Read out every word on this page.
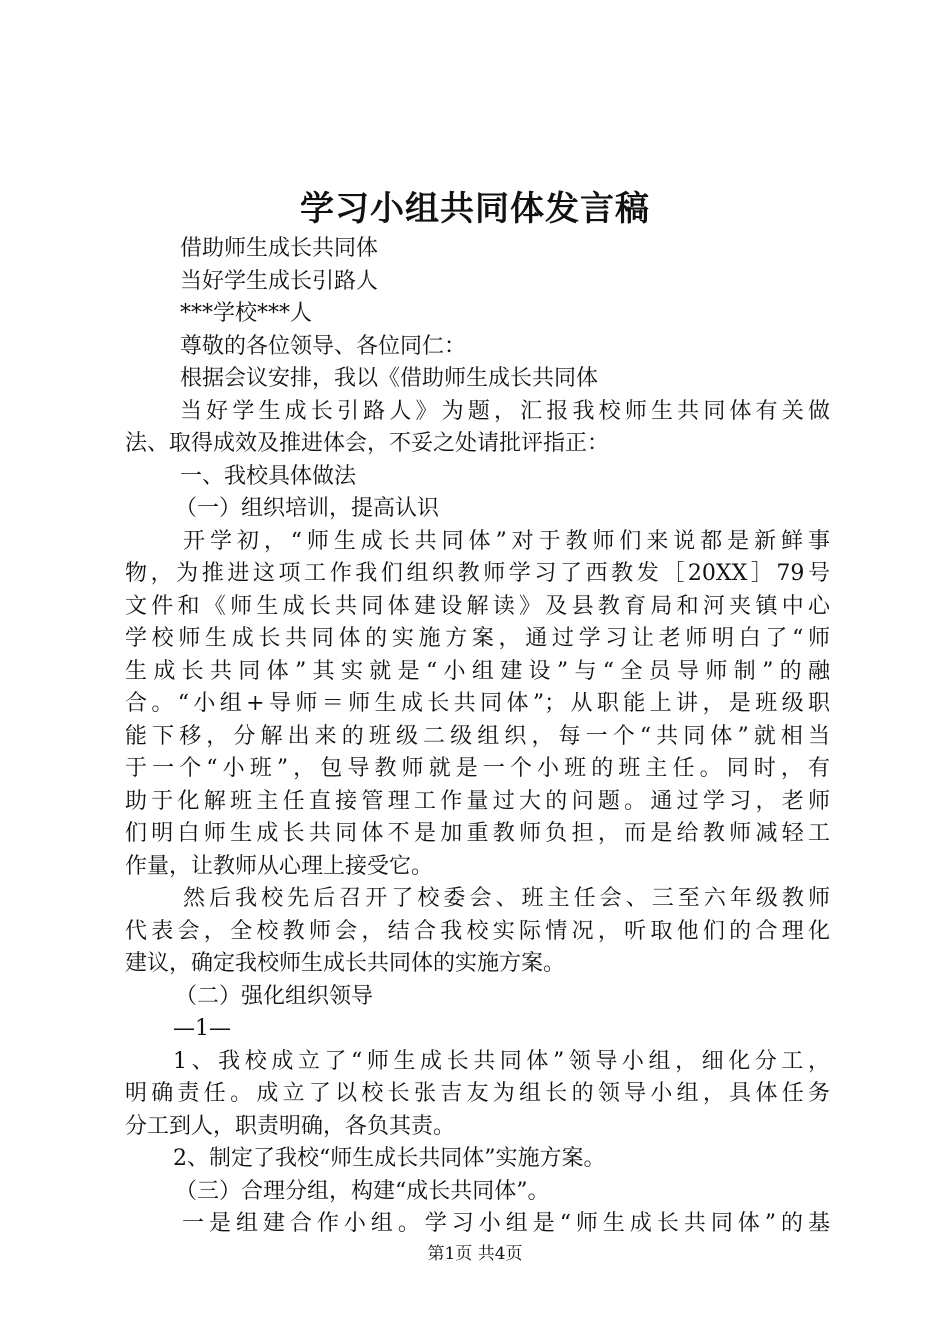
学习小组共同体发言稿
借助师生成长共同体
当好学生成长引路人
***学校***人
尊敬的各位领导、各位同仁：
根据会议安排，我以《借助师生成长共同体
当好学生成长引路人》为题，汇报我校师生共同体有关做
法、取得成效及推进体会，不妥之处请批评指正：
一、我校具体做法
（一）组织培训，提高认识
开学初，“师生成长共同体”对于教师们来说都是新鲜事
物，为推进这项工作我们组织教师学习了西教发［20XX］79号
文件和《师生成长共同体建设解读》及县教育局和河夹镇中心
学校师生成长共同体的实施方案，通过学习让老师明白了“师
生成长共同体”其实就是“小组建设”与“全员导师制”的融
合。“小组+导师＝师生成长共同体”；从职能上讲，是班级职
能下移，分解出来的班级二级组织，每一个“共同体”就相当
于一个“小班”，包导教师就是一个小班的班主任。同时，有
助于化解班主任直接管理工作量过大的问题。通过学习，老师
们明白师生成长共同体不是加重教师负担，而是给教师减轻工
作量，让教师从心理上接受它。
然后我校先后召开了校委会、班主任会、三至六年级教师
代表会，全校教师会，结合我校实际情况，听取他们的合理化
建议，确定我校师生成长共同体的实施方案。
（二）强化组织领导
—1—
1、我校成立了“师生成长共同体”领导小组，细化分工，
明确责任。成立了以校长张吉友为组长的领导小组，具体任务
分工到人，职责明确，各负其责。
2、制定了我校“师生成长共同体”实施方案。
（三）合理分组，构建“成长共同体”。
一是组建合作小组。学习小组是“师生成长共同体”的基
第1页 共4页
